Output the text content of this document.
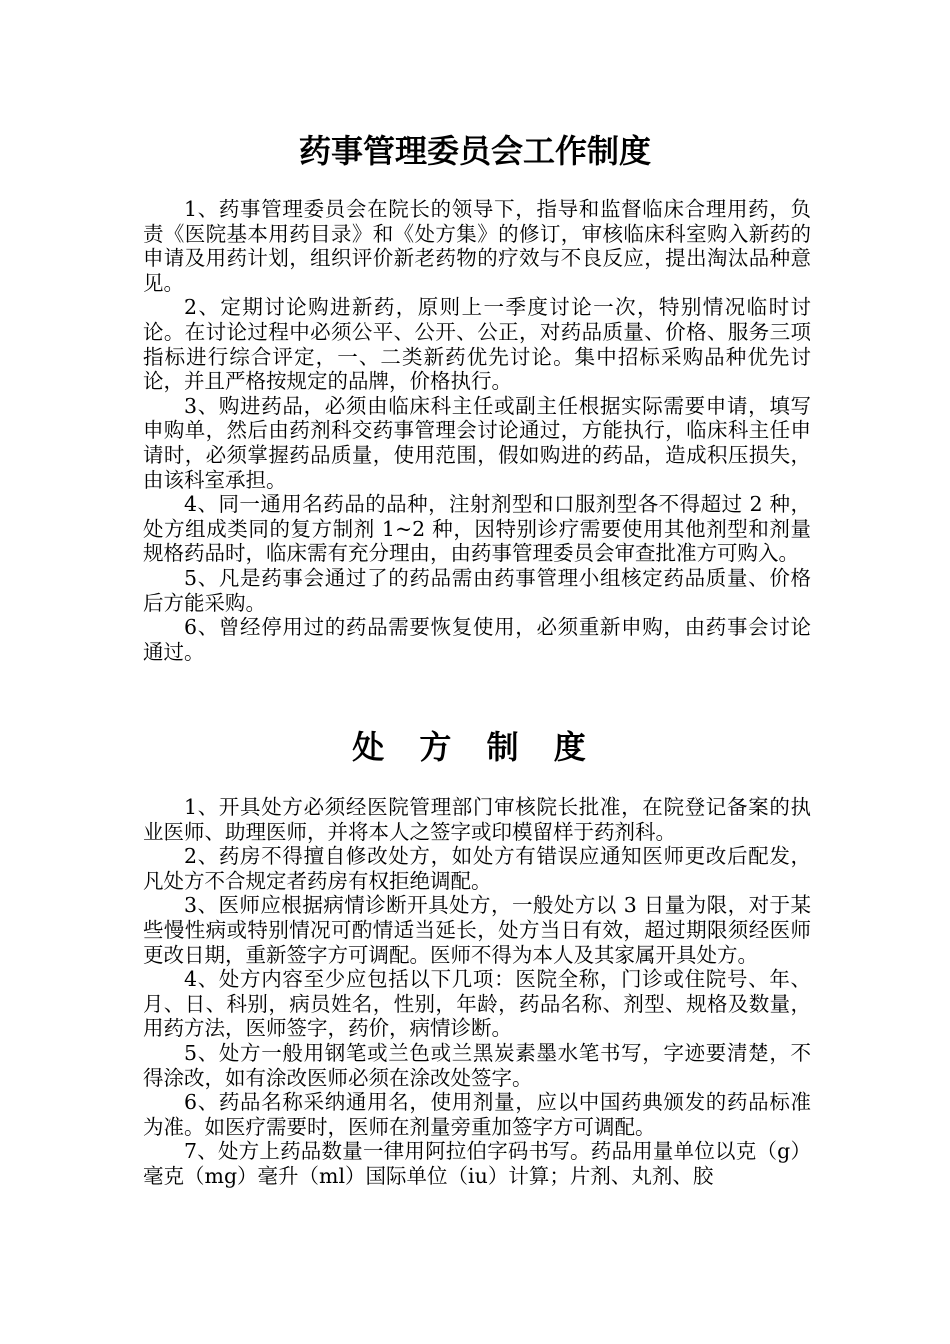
药事管理委员会工作制度

1、药事管理委员会在院长的领导下，指导和监督临床合理用药，负责《医院基本用药目录》和《处方集》的修订，审核临床科室购入新药的申请及用药计划，组织评价新老药物的疗效与不良反应，提出淘汰品种意见。

2、定期讨论购进新药，原则上一季度讨论一次，特别情况临时讨论。在讨论过程中必须公平、公开、公正，对药品质量、价格、服务三项指标进行综合评定，一、二类新药优先讨论。集中招标采购品种优先讨论，并且严格按规定的品牌，价格执行。

3、购进药品，必须由临床科主任或副主任根据实际需要申请，填写申购单，然后由药剂科交药事管理会讨论通过，方能执行，临床科主任申请时，必须掌握药品质量，使用范围，假如购进的药品，造成积压损失，由该科室承担。

4、同一通用名药品的品种，注射剂型和口服剂型各不得超过 2 种，处方组成类同的复方制剂 1~2 种，因特别诊疗需要使用其他剂型和剂量规格药品时，临床需有充分理由，由药事管理委员会审查批准方可购入。

5、凡是药事会通过了的药品需由药事管理小组核定药品质量、价格后方能采购。

6、曾经停用过的药品需要恢复使用，必须重新申购，由药事会讨论通过。

处 方 制 度

1、开具处方必须经医院管理部门审核院长批准，在院登记备案的执业医师、助理医师，并将本人之签字或印模留样于药剂科。

2、药房不得擅自修改处方，如处方有错误应通知医师更改后配发，凡处方不合规定者药房有权拒绝调配。

3、医师应根据病情诊断开具处方，一般处方以 3 日量为限，对于某些慢性病或特别情况可酌情适当延长，处方当日有效，超过期限须经医师更改日期，重新签字方可调配。医师不得为本人及其家属开具处方。

4、处方内容至少应包括以下几项：医院全称，门诊或住院号、年、月、日、科别，病员姓名，性别，年龄，药品名称、剂型、规格及数量，用药方法，医师签字，药价，病情诊断。

5、处方一般用钢笔或兰色或兰黑炭素墨水笔书写，字迹要清楚，不得涂改，如有涂改医师必须在涂改处签字。

6、药品名称采纳通用名，使用剂量，应以中国药典颁发的药品标准为准。如医疗需要时，医师在剂量旁重加签字方可调配。

7、处方上药品数量一律用阿拉伯字码书写。药品用量单位以克（g）毫克（mg）毫升（ml）国际单位（iu）计算；片剂、丸剂、胶
